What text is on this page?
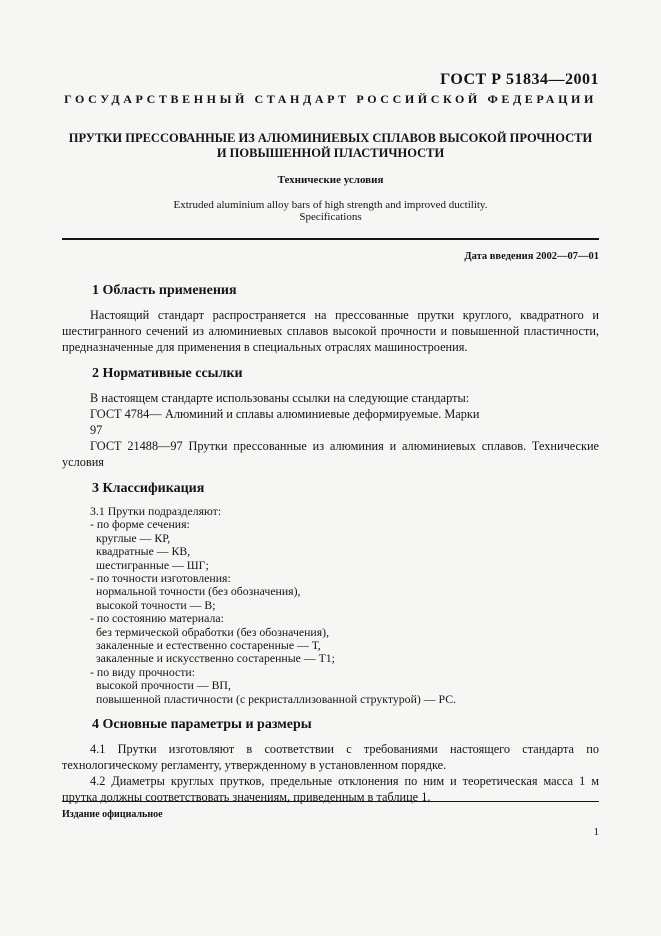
ГОСТ Р 51834—2001
ГОСУДАРСТВЕННЫЙ СТАНДАРТ РОССИЙСКОЙ ФЕДЕРАЦИИ
ПРУТКИ ПРЕССОВАННЫЕ ИЗ АЛЮМИНИЕВЫХ СПЛАВОВ ВЫСОКОЙ ПРОЧНОСТИ
И ПОВЫШЕННОЙ ПЛАСТИЧНОСТИ
Технические условия
Extruded aluminium alloy bars of high strength and improved ductility.
Specifications
Дата введения 2002—07—01
1 Область применения

Настоящий стандарт распространяется на прессованные прутки круглого, квадратного и шестигранного сечений из алюминиевых сплавов высокой прочности и повышенной пластичности, предназначенные для применения в специальных отраслях машиностроения.

2 Нормативные ссылки

В настоящем стандарте использованы ссылки на следующие стандарты:

ГОСТ 4784—97
Алюминий и сплавы алюминиевые деформируемые. Марки

ГОСТ 21488—97 Прутки прессованные из алюминия и алюминиевых сплавов. Технические условия

3 Классификация
3.1 Прутки подразделяют:
- по форме сечения:
круглые — КР,
квадратные — КВ,
шестигранные — ШГ;
- по точности изготовления:
нормальной точности (без обозначения),
высокой точности — В;
- по состоянию материала:
без термической обработки (без обозначения),
закаленные и естественно состаренные — Т,
закаленные и искусственно состаренные — Т1;
- по виду прочности:
высокой прочности — ВП,
повышенной пластичности (с рекристаллизованной структурой) — РС.
4 Основные параметры и размеры

4.1 Прутки изготовляют в соответствии с требованиями настоящего стандарта по технологическому регламенту, утвержденному в установленном порядке.

4.2 Диаметры круглых прутков, предельные отклонения по ним и теоретическая масса 1 м прутка должны соответствовать значениям, приведенным в таблице 1.

Издание официальное
1
